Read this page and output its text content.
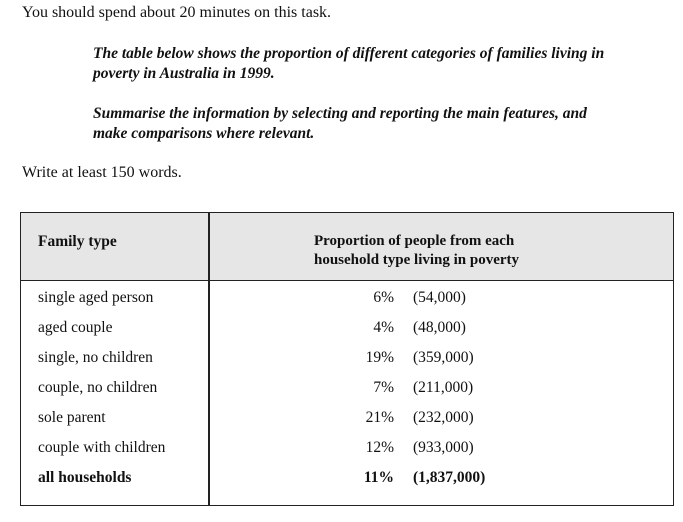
You should spend about 20 minutes on this task.
The table below shows the proportion of different categories of families living in poverty in Australia in 1999.
Summarise the information by selecting and reporting the main features, and make comparisons where relevant.
Write at least 150 words.
Family type	Proportion of people from each
household type living in poverty
single aged person	6% (54,000)
aged couple	4% (48,000)
single, no children	19% (359,000)
couple, no children	7% (211,000)
sole parent	21% (232,000)
couple with children	12% (933,000)
all households	11% (1,837,000)
